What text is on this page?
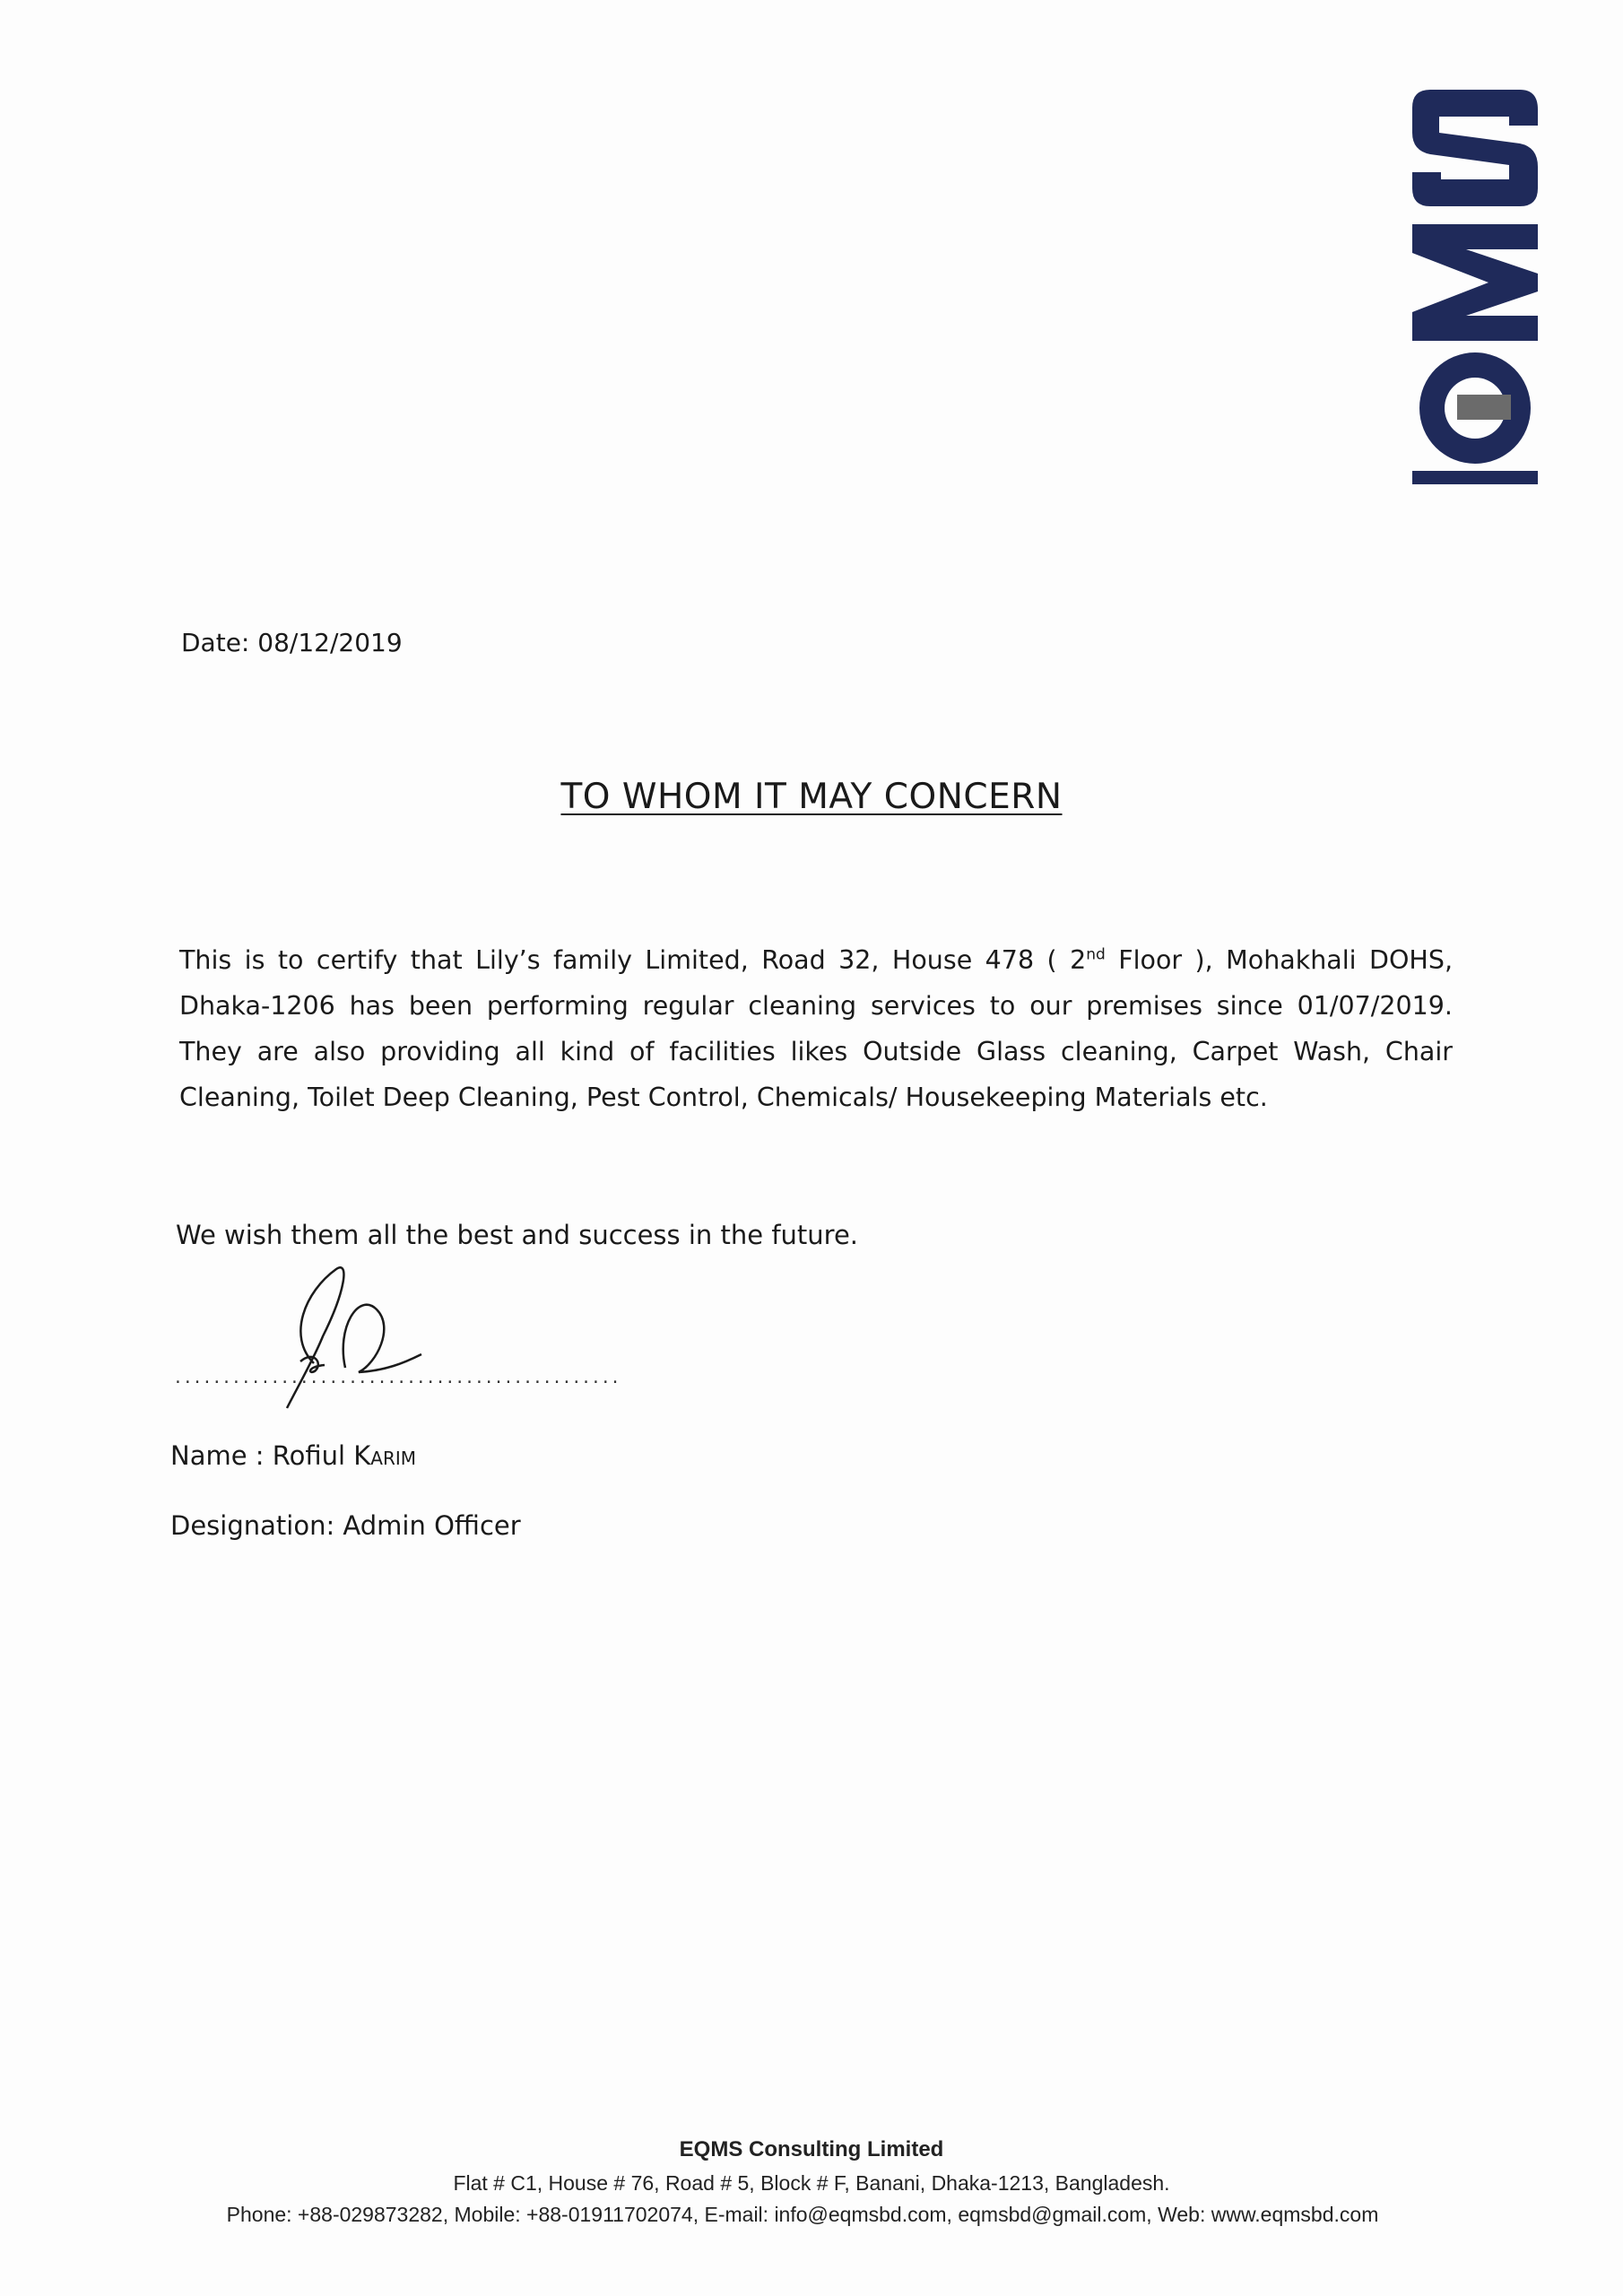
Date: 08/12/2019
TO WHOM IT MAY CONCERN
This is to certify that Lily’s family Limited, Road 32, House 478 ( 2nd Floor ), Mohakhali DOHS, Dhaka-1206 has been performing regular cleaning services to our premises since 01/07/2019. They are also providing all kind of facilities likes Outside Glass cleaning, Carpet Wash, Chair Cleaning, Toilet Deep Cleaning, Pest Control, Chemicals/ Housekeeping Materials etc.
We wish them all the best and success in the future.
..............................................
Name : Rofiul Karim
Designation: Admin Officer
EQMS Consulting Limited
Flat # C1, House # 76, Road # 5, Block # F, Banani, Dhaka-1213, Bangladesh.
Phone: +88-029873282, Mobile: +88-01911702074, E-mail: info@eqmsbd.com, eqmsbd@gmail.com, Web: www.eqmsbd.com
